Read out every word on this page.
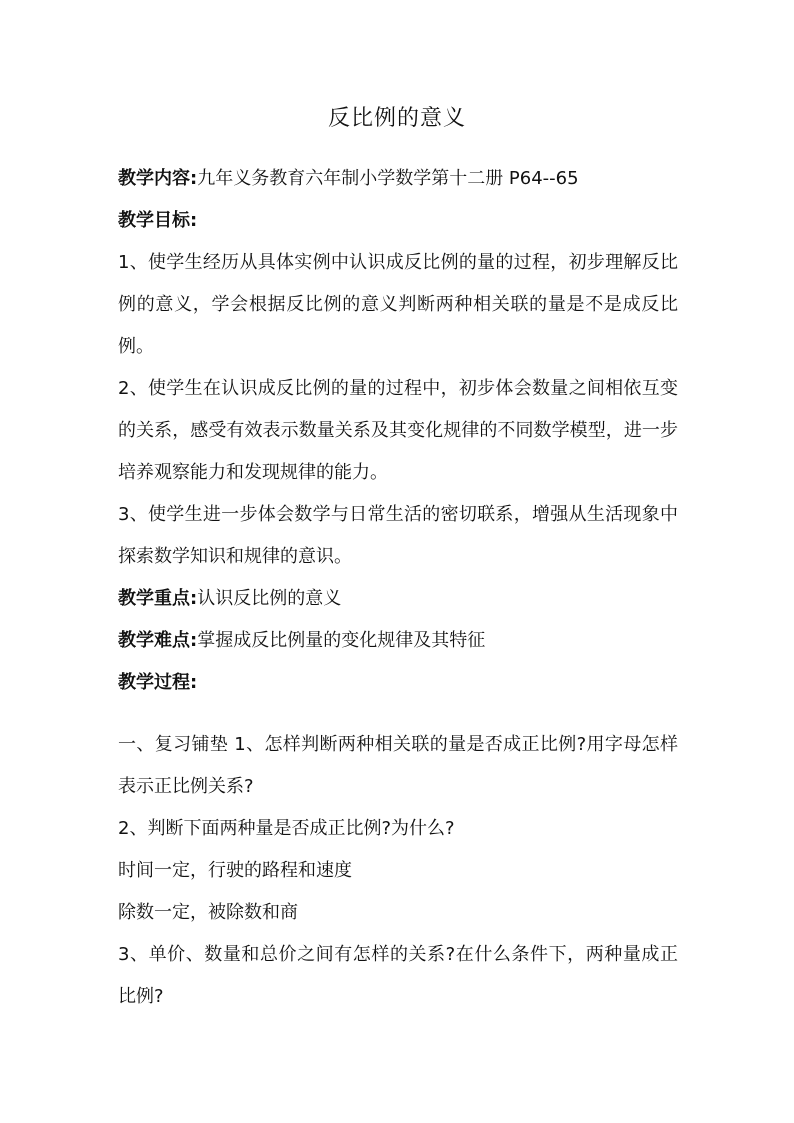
反比例的意义
教学内容:九年义务教育六年制小学数学第十二册 P64--65
教学目标:

1、使学生经历从具体实例中认识成反比例的量的过程，初步理解反比例的意义，学会根据反比例的意义判断两种相关联的量是不是成反比例。

2、使学生在认识成反比例的量的过程中，初步体会数量之间相依互变的关系，感受有效表示数量关系及其变化规律的不同数学模型，进一步培养观察能力和发现规律的能力。

3、使学生进一步体会数学与日常生活的密切联系，增强从生活现象中探索数学知识和规律的意识。

教学重点:认识反比例的意义
教学难点:掌握成反比例量的变化规律及其特征
教学过程:

一、复习铺垫 1、怎样判断两种相关联的量是否成正比例?用字母怎样表示正比例关系?

2、判断下面两种量是否成正比例?为什么?

时间一定，行驶的路程和速度

除数一定，被除数和商

3、单价、数量和总价之间有怎样的关系?在什么条件下，两种量成正比例?
